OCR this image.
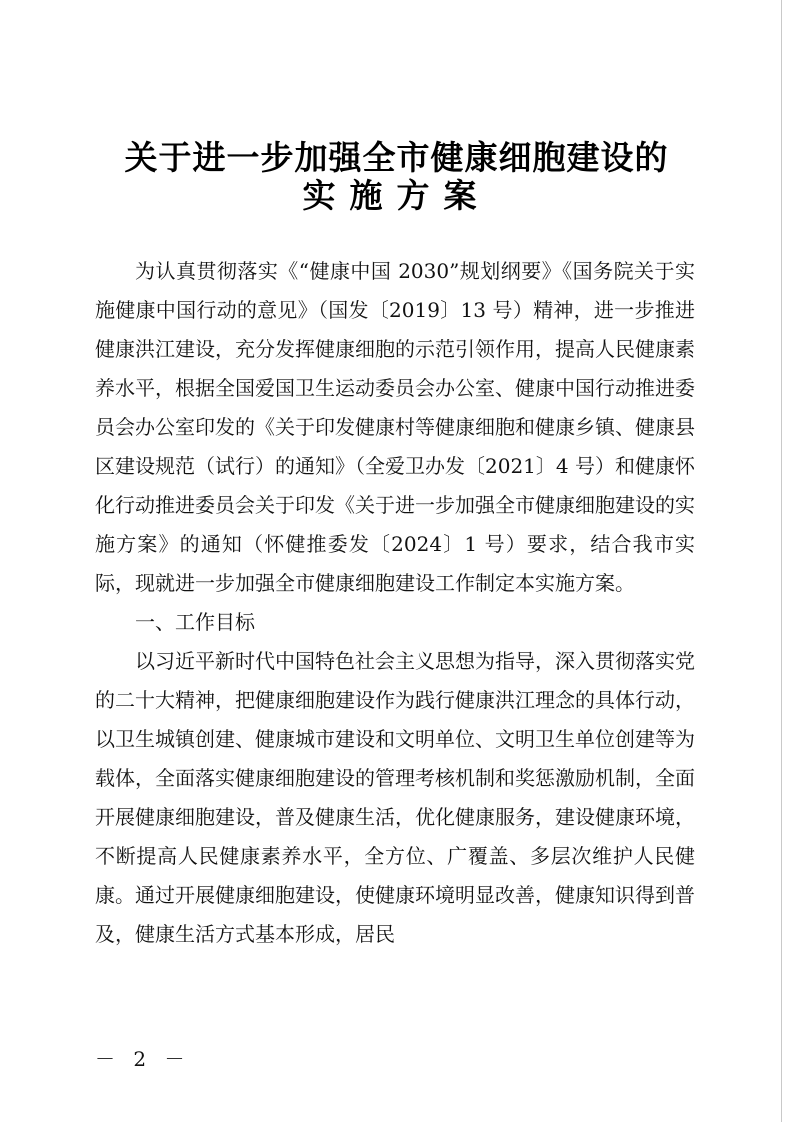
关于进一步加强全市健康细胞建设的
实施方案

为认真贯彻落实《“健康中国 2030”规划纲要》《国务院关于实施健康中国行动的意见》（国发〔2019〕13 号）精神，进一步推进健康洪江建设，充分发挥健康细胞的示范引领作用，提高人民健康素养水平，根据全国爱国卫生运动委员会办公室、健康中国行动推进委员会办公室印发的《关于印发健康村等健康细胞和健康乡镇、健康县区建设规范（试行）的通知》（全爱卫办发〔2021〕4 号）和健康怀化行动推进委员会关于印发《关于进一步加强全市健康细胞建设的实施方案》的通知（怀健推委发〔2024〕1 号）要求，结合我市实际，现就进一步加强全市健康细胞建设工作制定本实施方案。

一、工作目标

以习近平新时代中国特色社会主义思想为指导，深入贯彻落实党的二十大精神，把健康细胞建设作为践行健康洪江理念的具体行动，以卫生城镇创建、健康城市建设和文明单位、文明卫生单位创建等为载体，全面落实健康细胞建设的管理考核机制和奖惩激励机制，全面开展健康细胞建设，普及健康生活，优化健康服务，建设健康环境，不断提高人民健康素养水平，全方位、广覆盖、多层次维护人民健康。通过开展健康细胞建设，使健康环境明显改善，健康知识得到普及，健康生活方式基本形成，居民

－ 2 －
